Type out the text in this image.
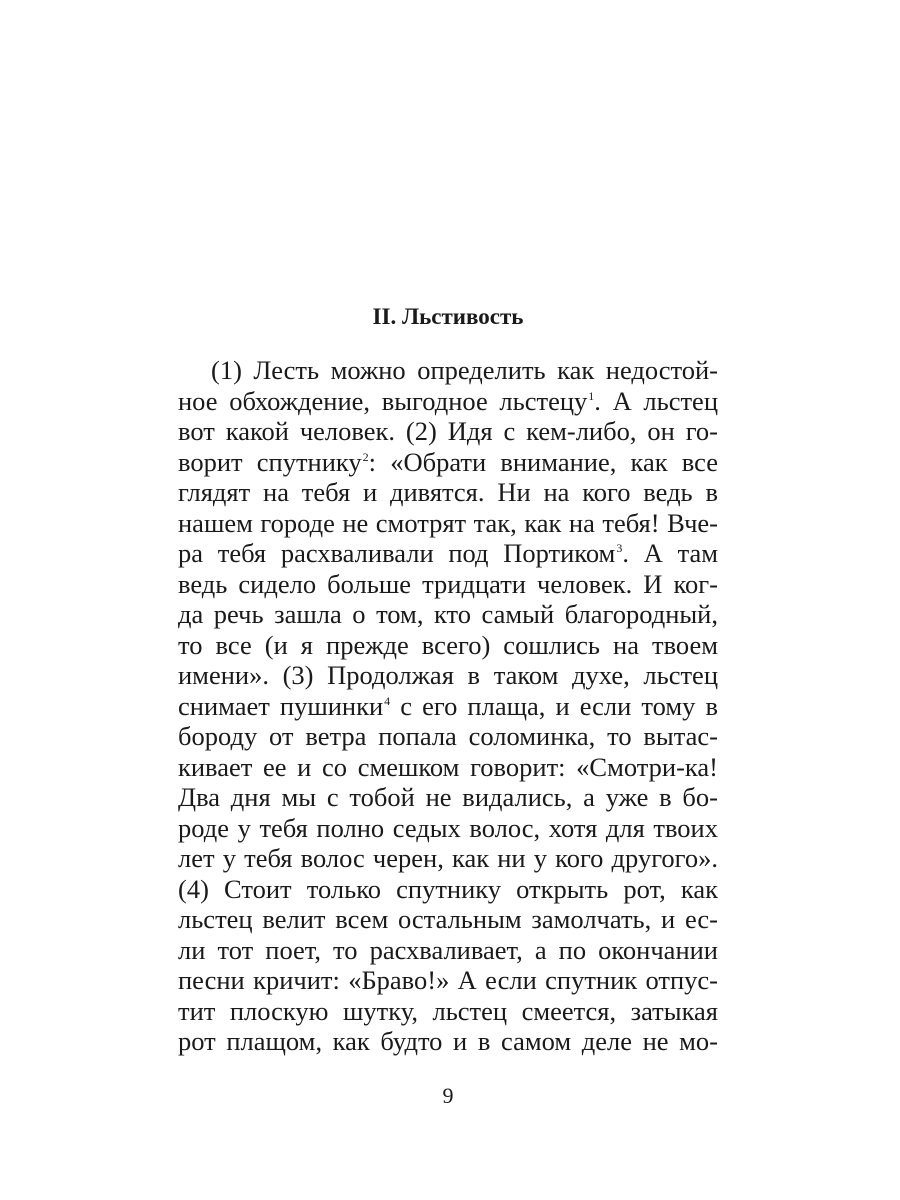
II. Льстивость
(1) Лесть можно определить как недостой-
ное обхождение, выгодное льстецу$^1$. А льстец
вот какой человек. (2) Идя с кем-либо, он го-
ворит спутнику$^2$: «Обрати внимание, как все
глядят на тебя и дивятся. Ни на кого ведь в
нашем городе не смотрят так, как на тебя! Вче-
ра тебя расхваливали под Портиком$^3$. А там
ведь сидело больше тридцати человек. И ког-
да речь зашла о том, кто самый благородный,
то все (и я прежде всего) сошлись на твоем
имени». (3) Продолжая в таком духе, льстец
снимает пушинки$^4$ с его плаща, и если тому в
бороду от ветра попала соломинка, то вытас-
кивает ее и со смешком говорит: «Смотри-ка!
Два дня мы с тобой не видались, а уже в бо-
роде у тебя полно седых волос, хотя для твоих
лет у тебя волос черен, как ни у кого другого».
(4) Стоит только спутнику открыть рот, как
льстец велит всем остальным замолчать, и ес-
ли тот поет, то расхваливает, а по окончании
песни кричит: «Браво!» А если спутник отпус-
тит плоскую шутку, льстец смеется, затыкая
рот плащом, как будто и в самом деле не мо-
9
